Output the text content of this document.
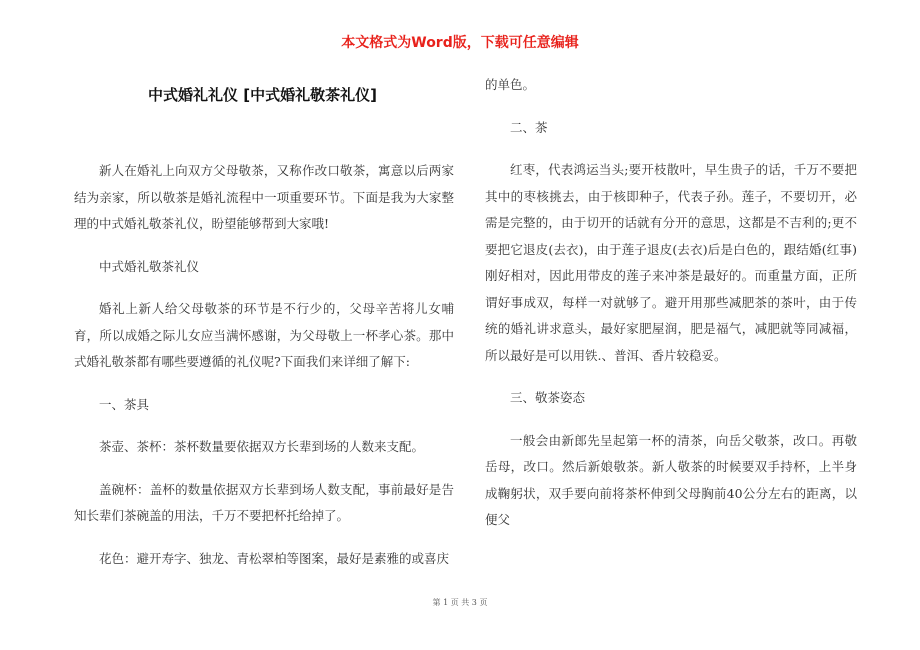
本文格式为Word版，下载可任意编辑
中式婚礼礼仪 [中式婚礼敬茶礼仪]

新人在婚礼上向双方父母敬茶，又称作改口敬茶，寓意以后两家结为亲家，所以敬茶是婚礼流程中一项重要环节。下面是我为大家整理的中式婚礼敬茶礼仪，盼望能够帮到大家哦!

中式婚礼敬茶礼仪

婚礼上新人给父母敬茶的环节是不行少的，父母辛苦将儿女哺育，所以成婚之际儿女应当满怀感谢，为父母敬上一杯孝心茶。那中式婚礼敬茶都有哪些要遵循的礼仪呢?下面我们来详细了解下:

一、茶具

茶壶、茶杯：茶杯数量要依据双方长辈到场的人数来支配。

盖碗杯：盖杯的数量依据双方长辈到场人数支配，事前最好是告知长辈们茶碗盖的用法，千万不要把杯托给掉了。

花色：避开寿字、独龙、青松翠柏等图案，最好是素雅的或喜庆

的单色。

二、茶

红枣，代表鸿运当头;要开枝散叶，早生贵子的话，千万不要把其中的枣核挑去，由于核即种子，代表子孙。莲子，不要切开，必需是完整的，由于切开的话就有分开的意思，这都是不吉利的;更不要把它退皮(去衣)，由于莲子退皮(去衣)后是白色的，跟结婚(红事)刚好相对，因此用带皮的莲子来冲茶是最好的。而重量方面，正所谓好事成双，每样一对就够了。避开用那些减肥茶的茶叶，由于传统的婚礼讲求意头，最好家肥屋润，肥是福气，减肥就等同减福，所以最好是可以用铁.、普洱、香片较稳妥。

三、敬茶姿态

一般会由新郎先呈起第一杯的清茶，向岳父敬茶，改口。再敬岳母，改口。然后新娘敬茶。新人敬茶的时候要双手持杯，上半身成鞠躬状，双手要向前将茶杯伸到父母胸前40公分左右的距离，以便父

第 1 页 共 3 页
